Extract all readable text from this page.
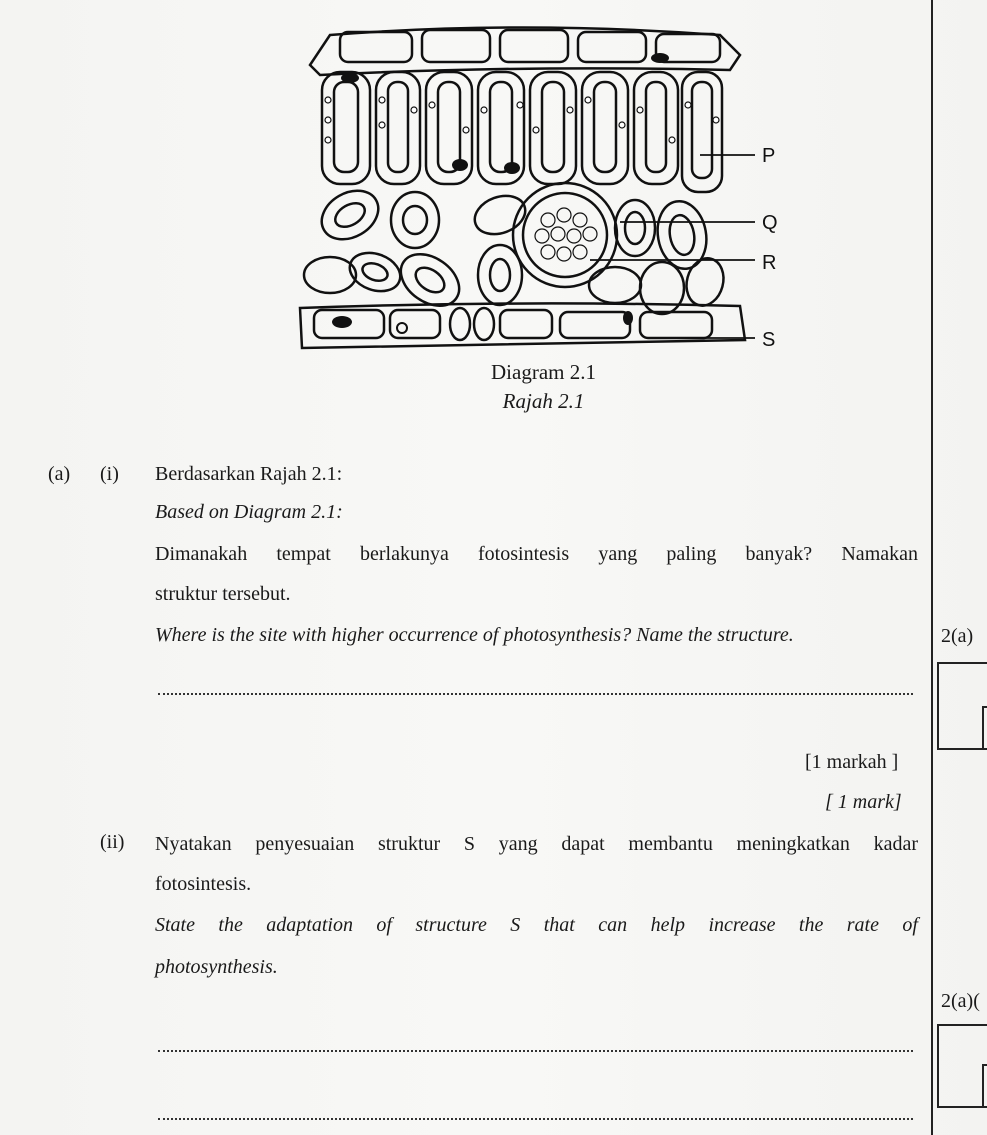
P
Q
R
S
Diagram 2.1
Rajah 2.1
(a) (i) Berdasarkan Rajah 2.1:
Based on Diagram 2.1:
Dimanakah tempat berlakunya fotosintesis yang paling banyak? Namakan
struktur tersebut.
Where is the site with higher occurrence of photosynthesis? Name the structure.
[1 markah ]
[ 1 mark]
2(a)
(ii) Nyatakan penyesuaian struktur S yang dapat membantu meningkatkan kadar
fotosintesis.
State the adaptation of structure S that can help increase the rate of
photosynthesis.
2(a)(
